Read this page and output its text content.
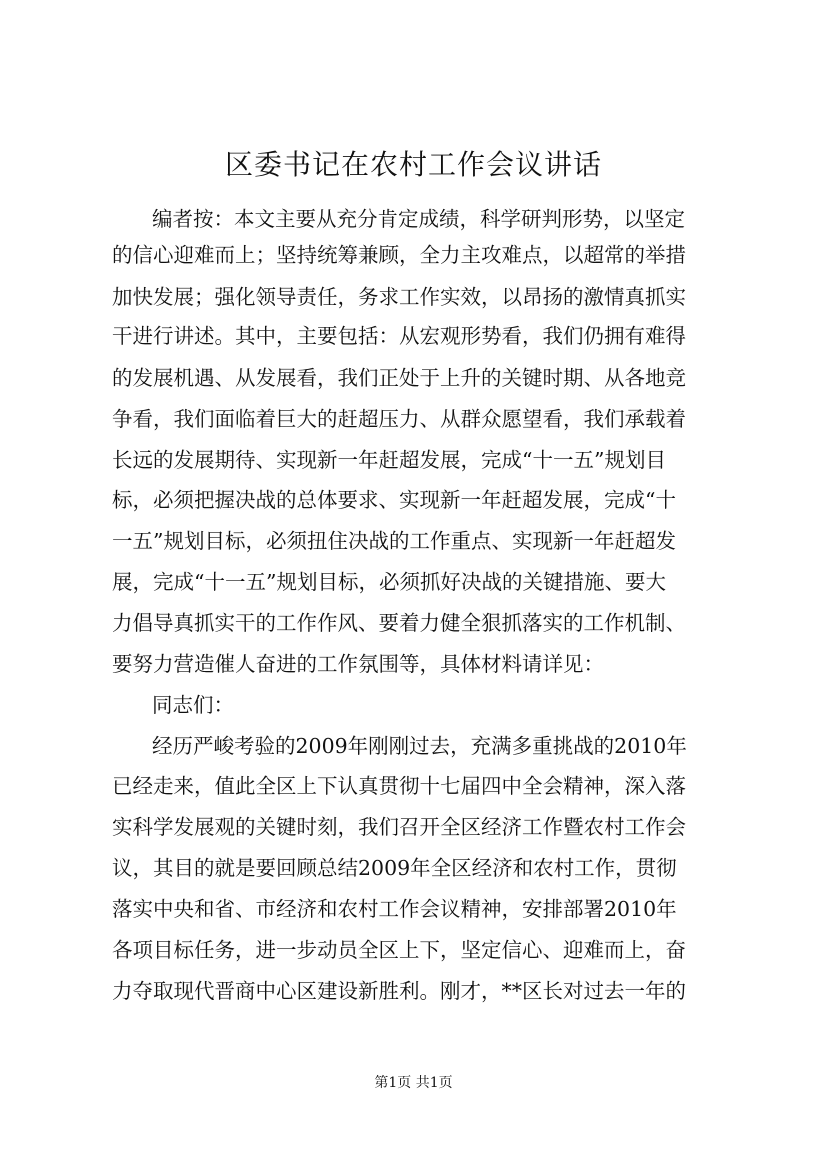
区委书记在农村工作会议讲话
编者按：本文主要从充分肯定成绩，科学研判形势，以坚定
的信心迎难而上；坚持统筹兼顾，全力主攻难点，以超常的举措
加快发展；强化领导责任，务求工作实效，以昂扬的激情真抓实
干进行讲述。其中，主要包括：从宏观形势看，我们仍拥有难得
的发展机遇、从发展看，我们正处于上升的关键时期、从各地竞
争看，我们面临着巨大的赶超压力、从群众愿望看，我们承载着
长远的发展期待、实现新一年赶超发展，完成“十一五”规划目
标，必须把握决战的总体要求、实现新一年赶超发展，完成“十
一五”规划目标，必须扭住决战的工作重点、实现新一年赶超发
展，完成“十一五”规划目标，必须抓好决战的关键措施、要大
力倡导真抓实干的工作作风、要着力健全狠抓落实的工作机制、
要努力营造催人奋进的工作氛围等，具体材料请详见：
同志们：
经历严峻考验的2009年刚刚过去，充满多重挑战的2010年
已经走来，值此全区上下认真贯彻十七届四中全会精神，深入落
实科学发展观的关键时刻，我们召开全区经济工作暨农村工作会
议，其目的就是要回顾总结2009年全区经济和农村工作，贯彻
落实中央和省、市经济和农村工作会议精神，安排部署2010年
各项目标任务，进一步动员全区上下，坚定信心、迎难而上，奋
力夺取现代晋商中心区建设新胜利。刚才，**区长对过去一年的
第1页 共1页
